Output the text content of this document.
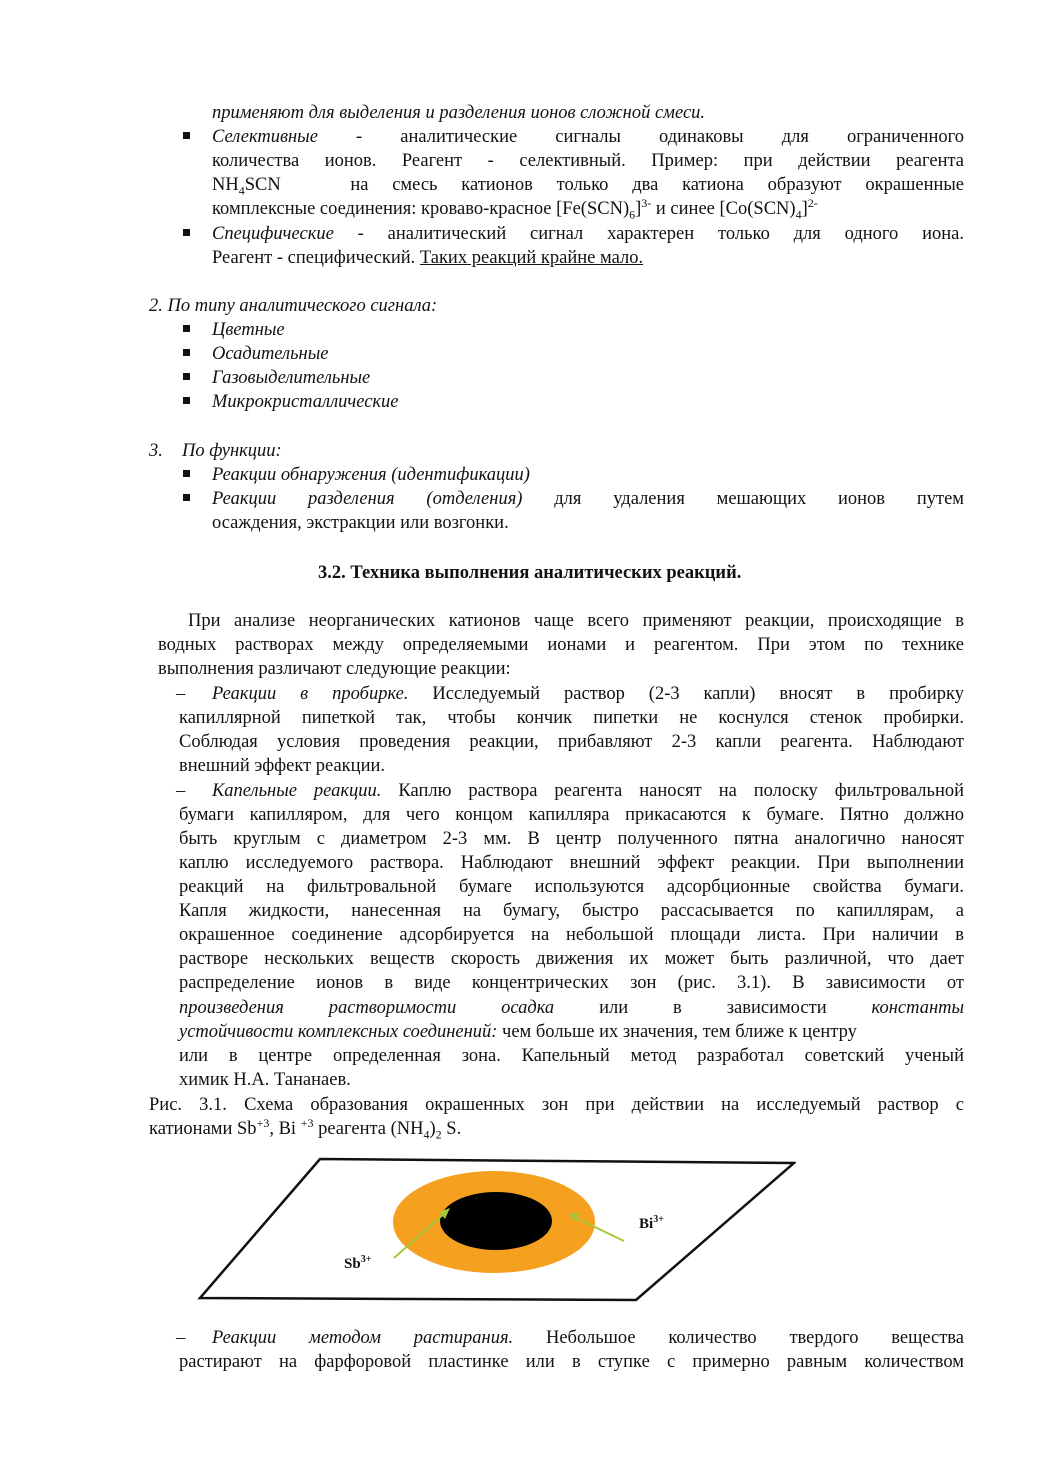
применяют для выделения и разделения ионов сложной смеси.
Селективные - аналитические сигналы одинаковы для ограниченного
количества ионов. Реагент - селективный. Пример: при действии реагента
$NH_4SCN$	на смесь катионов только два катиона образуют окрашенные
комплексные соединения: кроваво-красное $[Fe(SCN)_6]^{3-}$ и синее $[Co(SCN)_4]^{2-}$
Специфические - аналитический сигнал характерен только для одного иона.
Реагент - специфический. Таких реакций крайне мало.
2. По типу аналитического сигнала:
Цветные
Осадительные
Газовыделительные
Микрокристаллические
3. По функции:
Реакции обнаружения (идентификации)
Реакции разделения (отделения) для удаления мешающих ионов путем
осаждения, экстракции или возгонки.
3.2. Техника выполнения аналитических реакций.
При анализе неорганических катионов чаще всего применяют реакции, происходящие в
водных растворах между определяемыми ионами и реагентом. При этом по технике
выполнения различают следующие реакции:
– Реакции в пробирке. Исследуемый раствор (2-3 капли) вносят в пробирку
капиллярной пипеткой так, чтобы кончик пипетки не коснулся стенок пробирки.
Соблюдая условия проведения реакции, прибавляют 2-3 капли реагента. Наблюдают
внешний эффект реакции.
– Капельные реакции. Каплю раствора реагента наносят на полоску фильтровальной
бумаги капилляром, для чего концом капилляра прикасаются к бумаге. Пятно должно
быть круглым с диаметром 2-3 мм. В центр полученного пятна аналогично наносят
каплю исследуемого раствора. Наблюдают внешний эффект реакции. При выполнении
реакций на фильтровальной бумаге используются адсорбционные свойства бумаги.
Капля жидкости, нанесенная на бумагу, быстро рассасывается по капиллярам, а
окрашенное соединение адсорбируется на небольшой площади листа. При наличии в
растворе нескольких веществ скорость движения их может быть различной, что дает
распределение ионов в виде концентрических зон (рис. 3.1). В зависимости от
произведения растворимости осадка или в зависимости константы
устойчивости комплексных соединений: чем больше их значения, тем ближе к центру
или в центре определенная зона. Капельный метод разработал советский ученый
химик Н.А. Тананаев.
Рис. 3.1. Схема образования окрашенных зон при действии на исследуемый раствор с
катионами $Sb^{+3}$, Bi $^{+3}$ реагента $(NH_4)_2$ S.
$Sb^{3+}$
$Bi^{3+}$
– Реакции методом растирания. Небольшое количество твердого вещества
растирают на фарфоровой пластинке или в ступке с примерно равным количеством
